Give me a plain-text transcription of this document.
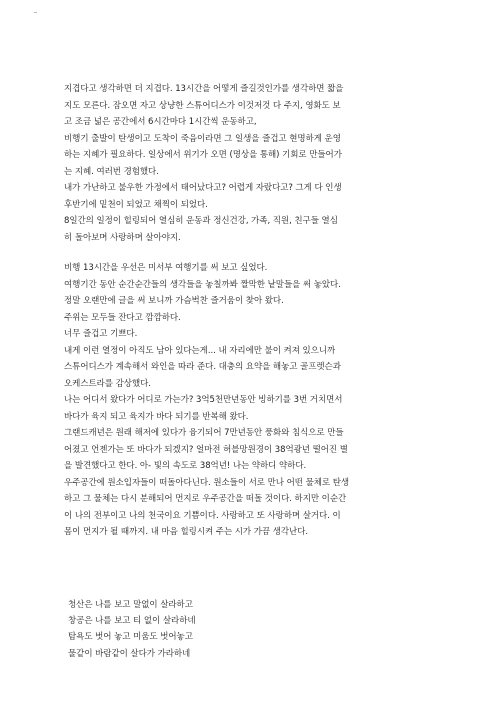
지겹다고 생각하면 더 지겹다. 13시간을 어떻게 즐길것인가를 생각하면 짧을
지도 모른다. 잠오면 자고 상냥한 스튜어디스가 이것저것 다 주지, 영화도 보
고 조금 넓은 공간에서 6시간마다 1시간씩 운동하고,
비행기 출발이 탄생이고 도착이 죽음이라면 그 일생을 즐겁고 현명하게 운영
하는 지혜가 필요하다. 일상에서 위기가 오면 (명상을 통해) 기회로 만들어가
는 지혜. 여러번 경험했다.
내가 가난하고 불우한 가정에서 태어났다고? 어렵게 자랐다고? 그게 다 인생
후반기에 밑천이 되었고 채찍이 되었다.
8일간의 일정이 힐링되어 열심히 운동과 정신건강, 가족, 직원, 친구들 열심
히 돌아보며 사랑하며 살아야지.
비행 13시간을 우선은 미서부 여행기를 써 보고 싶었다.
여행기간 동안 순간순간들의 생각들을 놓칠까봐 짤막한 낱말들을 써 놓았다.
정말 오랜만에 글을 써 보니까 가슴벅찬 즐거움이 찾아 왔다.
주위는 모두들 잔다고 깜깜하다.
너무 즐겁고 기쁘다.
내게 이런 열정이 아직도 남아 있다는게... 내 자리에만 불이 켜져 있으니까
스튜어디스가 계속해서 와인을 따라 준다. 대충의 요약을 해놓고 골프렛슨과
오케스트라를 감상했다.
나는 어디서 왔다가 어디로 가는가? 3억5천만년동안 빙하기를 3번 거치면서
바다가 육지 되고 육지가 바다 되기를 반복해 왔다.
그랜드캐년은 원래 해저에 있다가 융기되어 7만년동안 풍화와 침식으로 만들
어졌고 언젠가는 또 바다가 되겠지? 얼마전 허블망원경이 38억광년 떨어진 별
을 발견했다고 한다. 아- 빛의 속도로 38억년! 나는 약하디 약하다.
우주공간에 원소입자들이 떠돌아다닌다. 원소들이 서로 만나 어떤 물체로 탄생
하고 그 물체는 다시 분해되어 먼지로 우주공간을 떠돌 것이다. 하지만 이순간
이 나의 전부이고 나의 천국이요 기쁨이다. 사랑하고 또 사랑하며 살거다. 이
몸이 먼지가 될 때까지. 내 마음 힐링시켜 주는 시가 가끔 생각난다.
청산은 나를 보고 말없이 살라하고
창공은 나를 보고 티 없이 살라하네
탐욕도 벗어 놓고 미움도 벗어놓고
물같이 바람같이 살다가 가라하네
